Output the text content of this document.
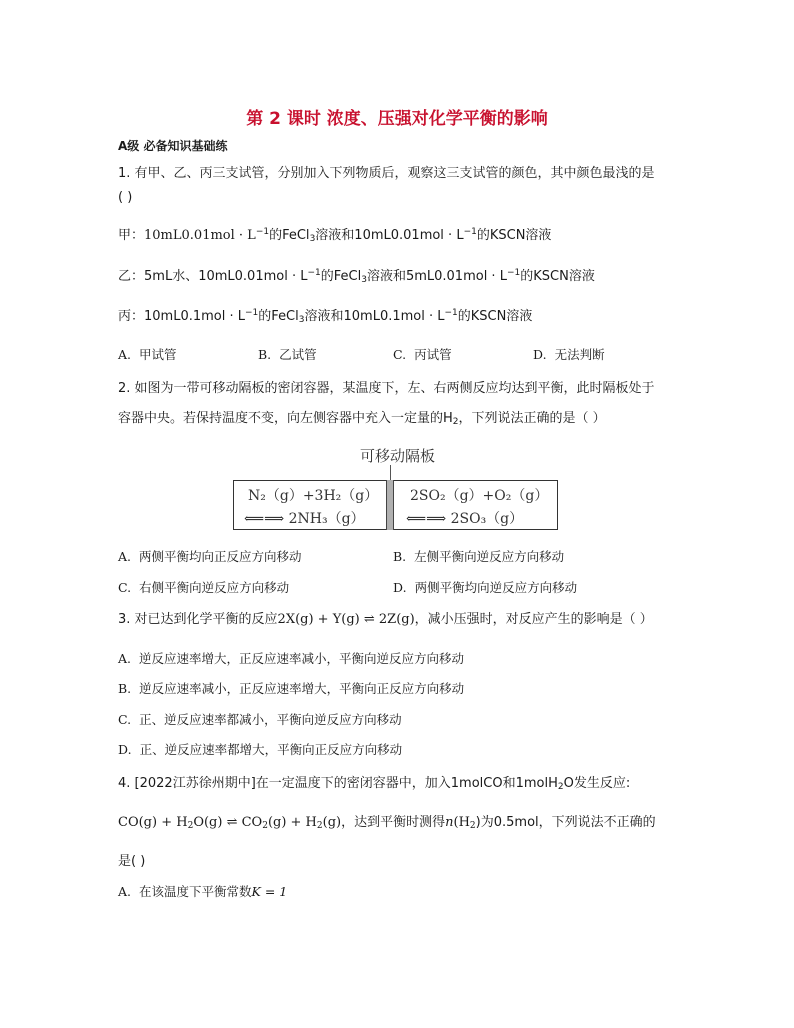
第 2 课时 浓度、压强对化学平衡的影响
A级 必备知识基础练
1. 有甲、乙、丙三支试管，分别加入下列物质后，观察这三支试管的颜色，其中颜色最浅的是
( )
甲：$10mL0.01mol \cdot L^{-1}$的FeCl$_3$溶液和$10mL0.01mol \cdot L^{-1}$的KSCN溶液
乙：5mL水、$10mL0.01mol \cdot L^{-1}$的FeCl$_3$溶液和$5mL0.01mol \cdot L^{-1}$的KSCN溶液
丙：$10mL0.1mol \cdot L^{-1}$的FeCl$_3$溶液和$10mL0.1mol \cdot L^{-1}$的KSCN溶液
A. 甲试管	B. 乙试管	C. 丙试管	D. 无法判断
2. 如图为一带可移动隔板的密闭容器，某温度下，左、右两侧反应均达到平衡，此时隔板处于
容器中央。若保持温度不变，向左侧容器中充入一定量的$H_2$，下列说法正确的是（ ）
可移动隔板
N₂（g）+3H₂（g）
⟸⟹ 2NH₃（g）
2SO₂（g）+O₂（g）
⟸⟹ 2SO₃（g）
A. 两侧平衡均向正反应方向移动	B. 左侧平衡向逆反应方向移动
C. 右侧平衡向逆反应方向移动	D. 两侧平衡均向逆反应方向移动
3. 对已达到化学平衡的反应2X(g) + Y(g) ⇌ 2Z(g)，减小压强时，对反应产生的影响是（ ）
A. 逆反应速率增大，正反应速率减小，平衡向逆反应方向移动
B. 逆反应速率减小，正反应速率增大，平衡向正反应方向移动
C. 正、逆反应速率都减小，平衡向逆反应方向移动
D. 正、逆反应速率都增大，平衡向正反应方向移动
4. [2022江苏徐州期中]在一定温度下的密闭容器中，加入1molCO和1molH$_2$O发生反应:
$CO(g) + H_2O(g)$ ⇌ $CO_2(g) + H_2(g)$，达到平衡时测得$n(H_2)$为0.5mol，下列说法不正确的
是( )
A. 在该温度下平衡常数K = 1
